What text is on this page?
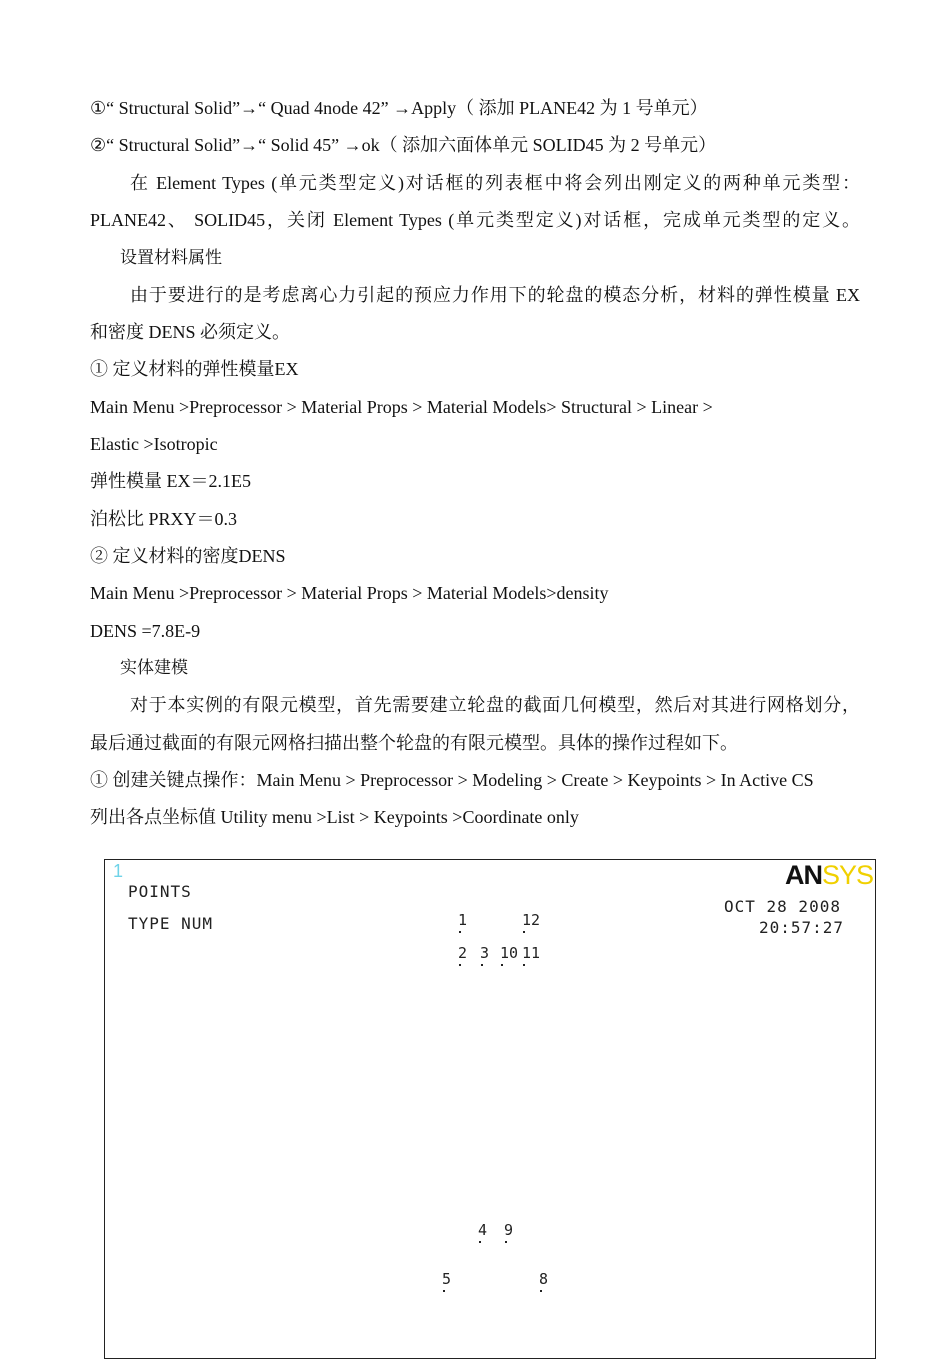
①“ Structural Solid”→“ Quad 4node 42” →Apply（ 添加 PLANE42 为 1 号单元）
②“ Structural Solid”→“ Solid 45” →ok（ 添加六面体单元 SOLID45 为 2 号单元）
在 Element Types (单元类型定义)对话框的列表框中将会列出刚定义的两种单元类型：
PLANE42、 SOLID45，关闭 Element Types (单元类型定义)对话框，完成单元类型的定义。
设置材料属性
由于要进行的是考虑离心力引起的预应力作用下的轮盘的模态分析，材料的弹性模量 EX
和密度 DENS 必须定义。
① 定义材料的弹性模量EX
Main Menu >Preprocessor > Material Props > Material Models> Structural > Linear >
Elastic >Isotropic
弹性模量 EX＝2.1E5
泊松比 PRXY＝0.3
② 定义材料的密度DENS
Main Menu >Preprocessor > Material Props > Material Models>density
DENS =7.8E-9
实体建模
对于本实例的有限元模型，首先需要建立轮盘的截面几何模型，然后对其进行网格划分，
最后通过截面的有限元网格扫描出整个轮盘的有限元模型。具体的操作过程如下。
① 创建关键点操作：Main Menu > Preprocessor > Modeling > Create > Keypoints > In Active CS
列出各点坐标值 Utility menu >List > Keypoints >Coordinate only
1
POINTS
TYPE NUM
ANSYS
OCT 28 2008
20:57:27
1	12
2 3 10 11
4 9
5	8
